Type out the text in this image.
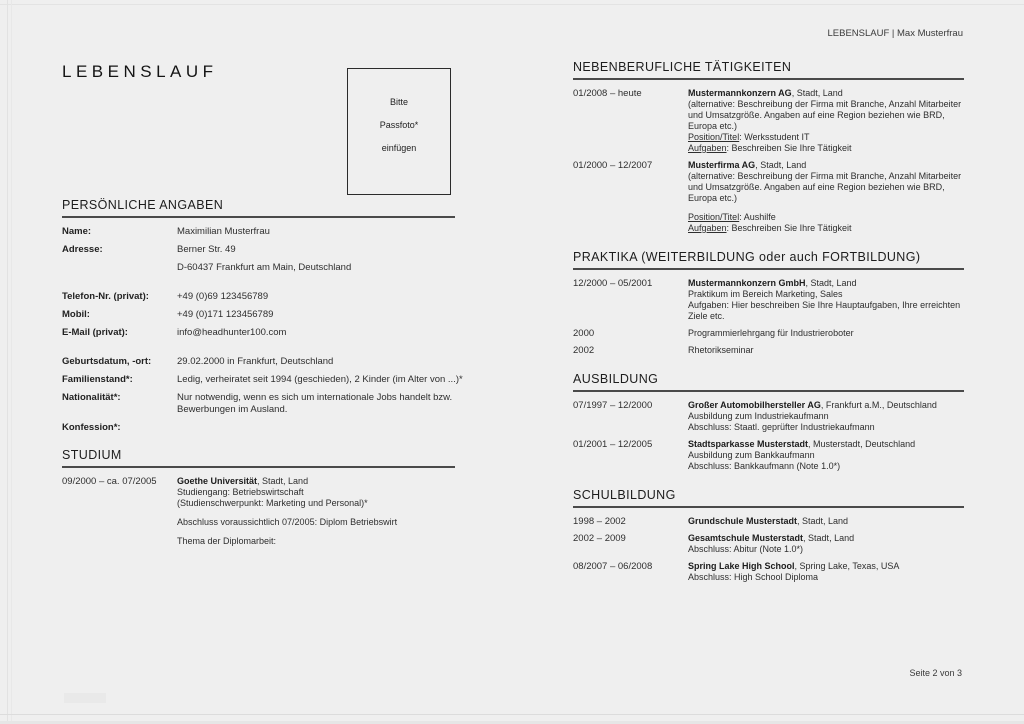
LEBENSLAUF | Max Musterfrau
LEBENSLAUF
Bitte
Passfoto*
einfügen
PERSÖNLICHE ANGABEN
Name:	Maximilian Musterfrau
Adresse:	Berner Str. 49
D-60437 Frankfurt am Main, Deutschland
Telefon-Nr. (privat):	+49 (0)69 123456789
Mobil:	+49 (0)171 123456789
E-Mail (privat):	info@headhunter100.com
Geburtsdatum, -ort:	29.02.2000 in Frankfurt, Deutschland
Familienstand*:	Ledig, verheiratet seit 1994 (geschieden), 2 Kinder (im Alter von ...)*
Nationalität*:	Nur notwendig, wenn es sich um internationale Jobs handelt bzw.
Bewerbungen im Ausland.
Konfession*:
STUDIUM
09/2000 – ca. 07/2005	Goethe Universität, Stadt, Land
Studiengang: Betriebswirtschaft
(Studienschwerpunkt: Marketing und Personal)*
Abschluss voraussichtlich 07/2005: Diplom Betriebswirt
Thema der Diplomarbeit:
NEBENBERUFLICHE TÄTIGKEITEN
01/2008 – heute	Mustermannkonzern AG, Stadt, Land
(alternative: Beschreibung der Firma mit Branche, Anzahl Mitarbeiter
und Umsatzgröße. Angaben auf eine Region beziehen wie BRD,
Europa etc.)
Position/Titel: Werksstudent IT
Aufgaben: Beschreiben Sie Ihre Tätigkeit
01/2000 – 12/2007	Musterfirma AG, Stadt, Land
(alternative: Beschreibung der Firma mit Branche, Anzahl Mitarbeiter
und Umsatzgröße. Angaben auf eine Region beziehen wie BRD,
Europa etc.)
Position/Titel: Aushilfe
Aufgaben: Beschreiben Sie Ihre Tätigkeit
PRAKTIKA (WEITERBILDUNG oder auch FORTBILDUNG)
12/2000 – 05/2001	Mustermannkonzern GmbH, Stadt, Land
Praktikum im Bereich Marketing, Sales
Aufgaben: Hier beschreiben Sie Ihre Hauptaufgaben, Ihre erreichten
Ziele etc.
2000	Programmierlehrgang für Industrieroboter
2002	Rhetorikseminar
AUSBILDUNG
07/1997 – 12/2000	Großer Automobilhersteller AG, Frankfurt a.M., Deutschland
Ausbildung zum Industriekaufmann
Abschluss: Staatl. geprüfter Industriekaufmann
01/2001 – 12/2005	Stadtsparkasse Musterstadt, Musterstadt, Deutschland
Ausbildung zum Bankkaufmann
Abschluss: Bankkaufmann (Note 1.0*)
SCHULBILDUNG
1998 – 2002	Grundschule Musterstadt, Stadt, Land
2002 – 2009	Gesamtschule Musterstadt, Stadt, Land
Abschluss: Abitur (Note 1.0*)
08/2007 – 06/2008	Spring Lake High School, Spring Lake, Texas, USA
Abschluss: High School Diploma
Seite 2 von 3
